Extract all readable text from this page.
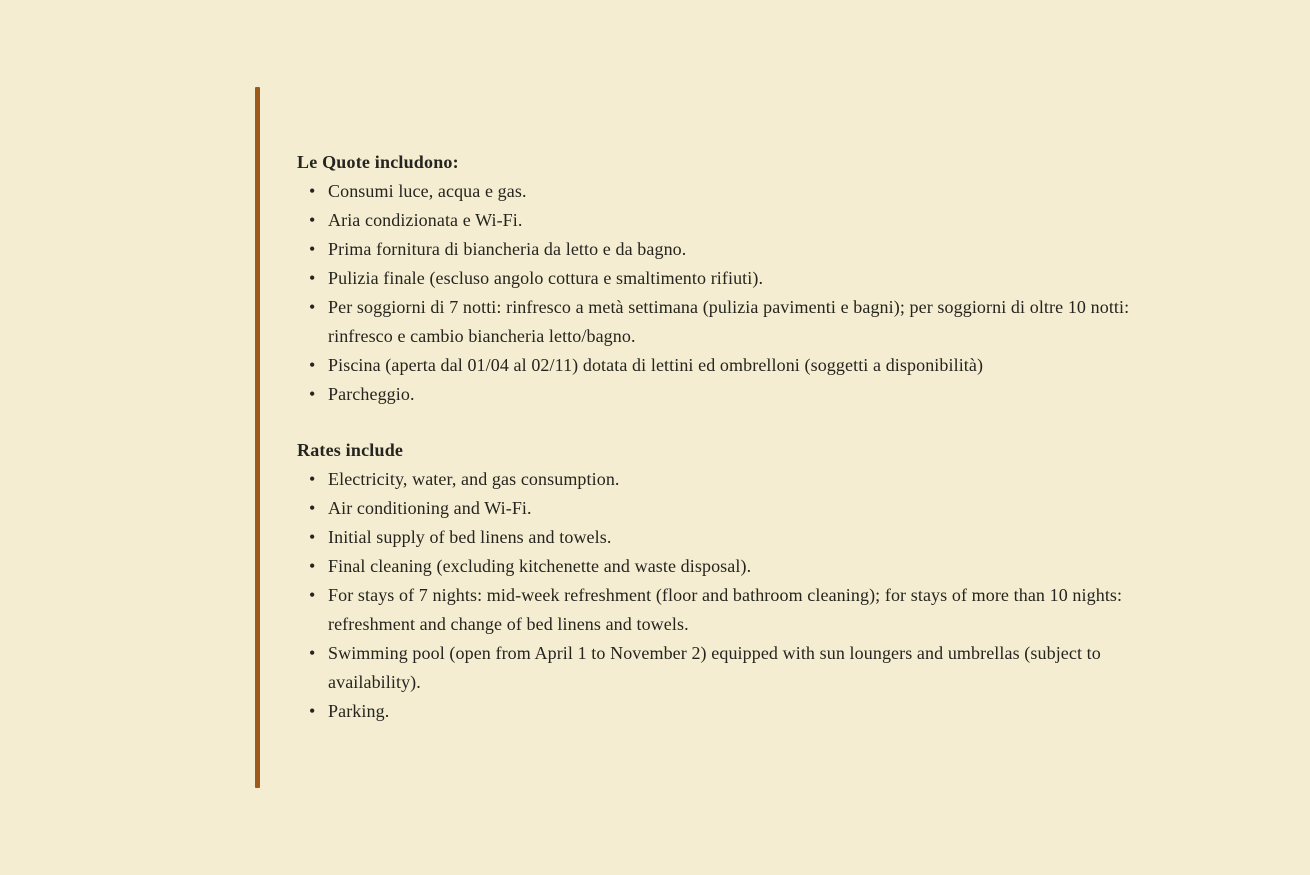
Le Quote includono:
• Consumi luce, acqua e gas.
• Aria condizionata e Wi-Fi.
• Prima fornitura di biancheria da letto e da bagno.
• Pulizia finale (escluso angolo cottura e smaltimento rifiuti).
• Per soggiorni di 7 notti: rinfresco a metà settimana (pulizia pavimenti e bagni); per soggiorni di oltre 10 notti: rinfresco e cambio biancheria letto/bagno.
• Piscina (aperta dal 01/04 al 02/11) dotata di lettini ed ombrelloni (soggetti a disponibilità)
• Parcheggio.
Rates include
• Electricity, water, and gas consumption.
• Air conditioning and Wi-Fi.
• Initial supply of bed linens and towels.
• Final cleaning (excluding kitchenette and waste disposal).
• For stays of 7 nights: mid-week refreshment (floor and bathroom cleaning); for stays of more than 10 nights: refreshment and change of bed linens and towels.
• Swimming pool (open from April 1 to November 2) equipped with sun loungers and umbrellas (subject to availability).
• Parking.
